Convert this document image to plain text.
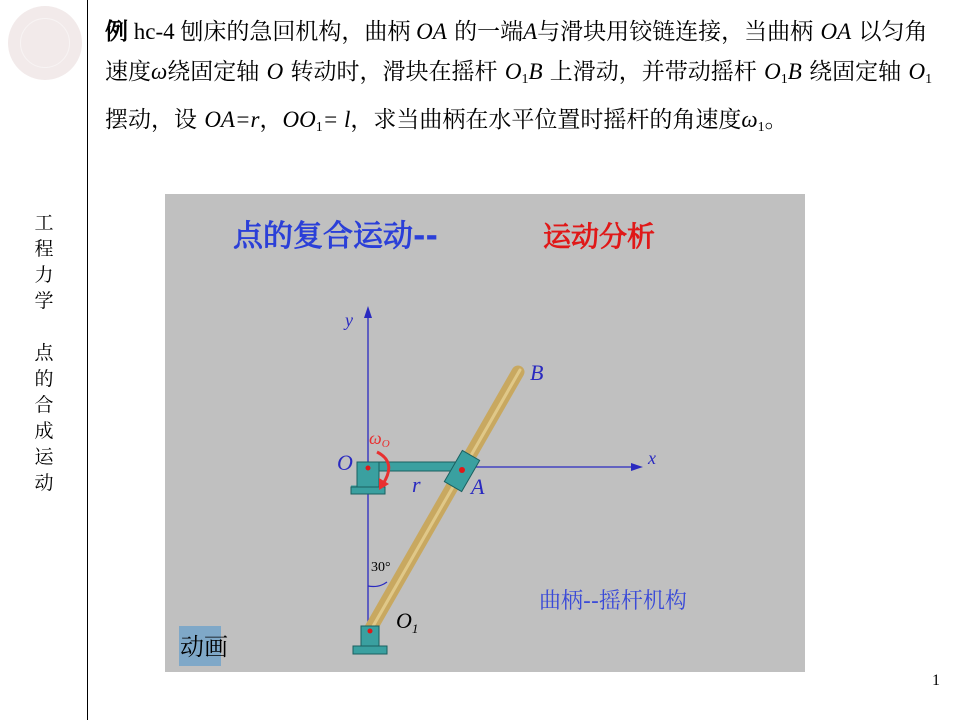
工
程
力
学
点
的
合
成
运
动
例 hc-4 刨床的急回机构，曲柄 OA 的一端A与滑块用铰链连接，当曲柄 OA 以匀角速度ω绕固定轴 O 转动时，滑块在摇杆 $O_1B$ 上滑动，并带动摇杆 $O_1B$ 绕固定轴 $O_1$ 摆动，设 OA=r，$OO_1= l$，求当曲柄在水平位置时摇杆的角速度$\omega_1$。
点的复合运动--	运动分析
y
x
B
A
O
ωO
r
30°
$O_1$
曲柄--摇杆机构
动画
1
